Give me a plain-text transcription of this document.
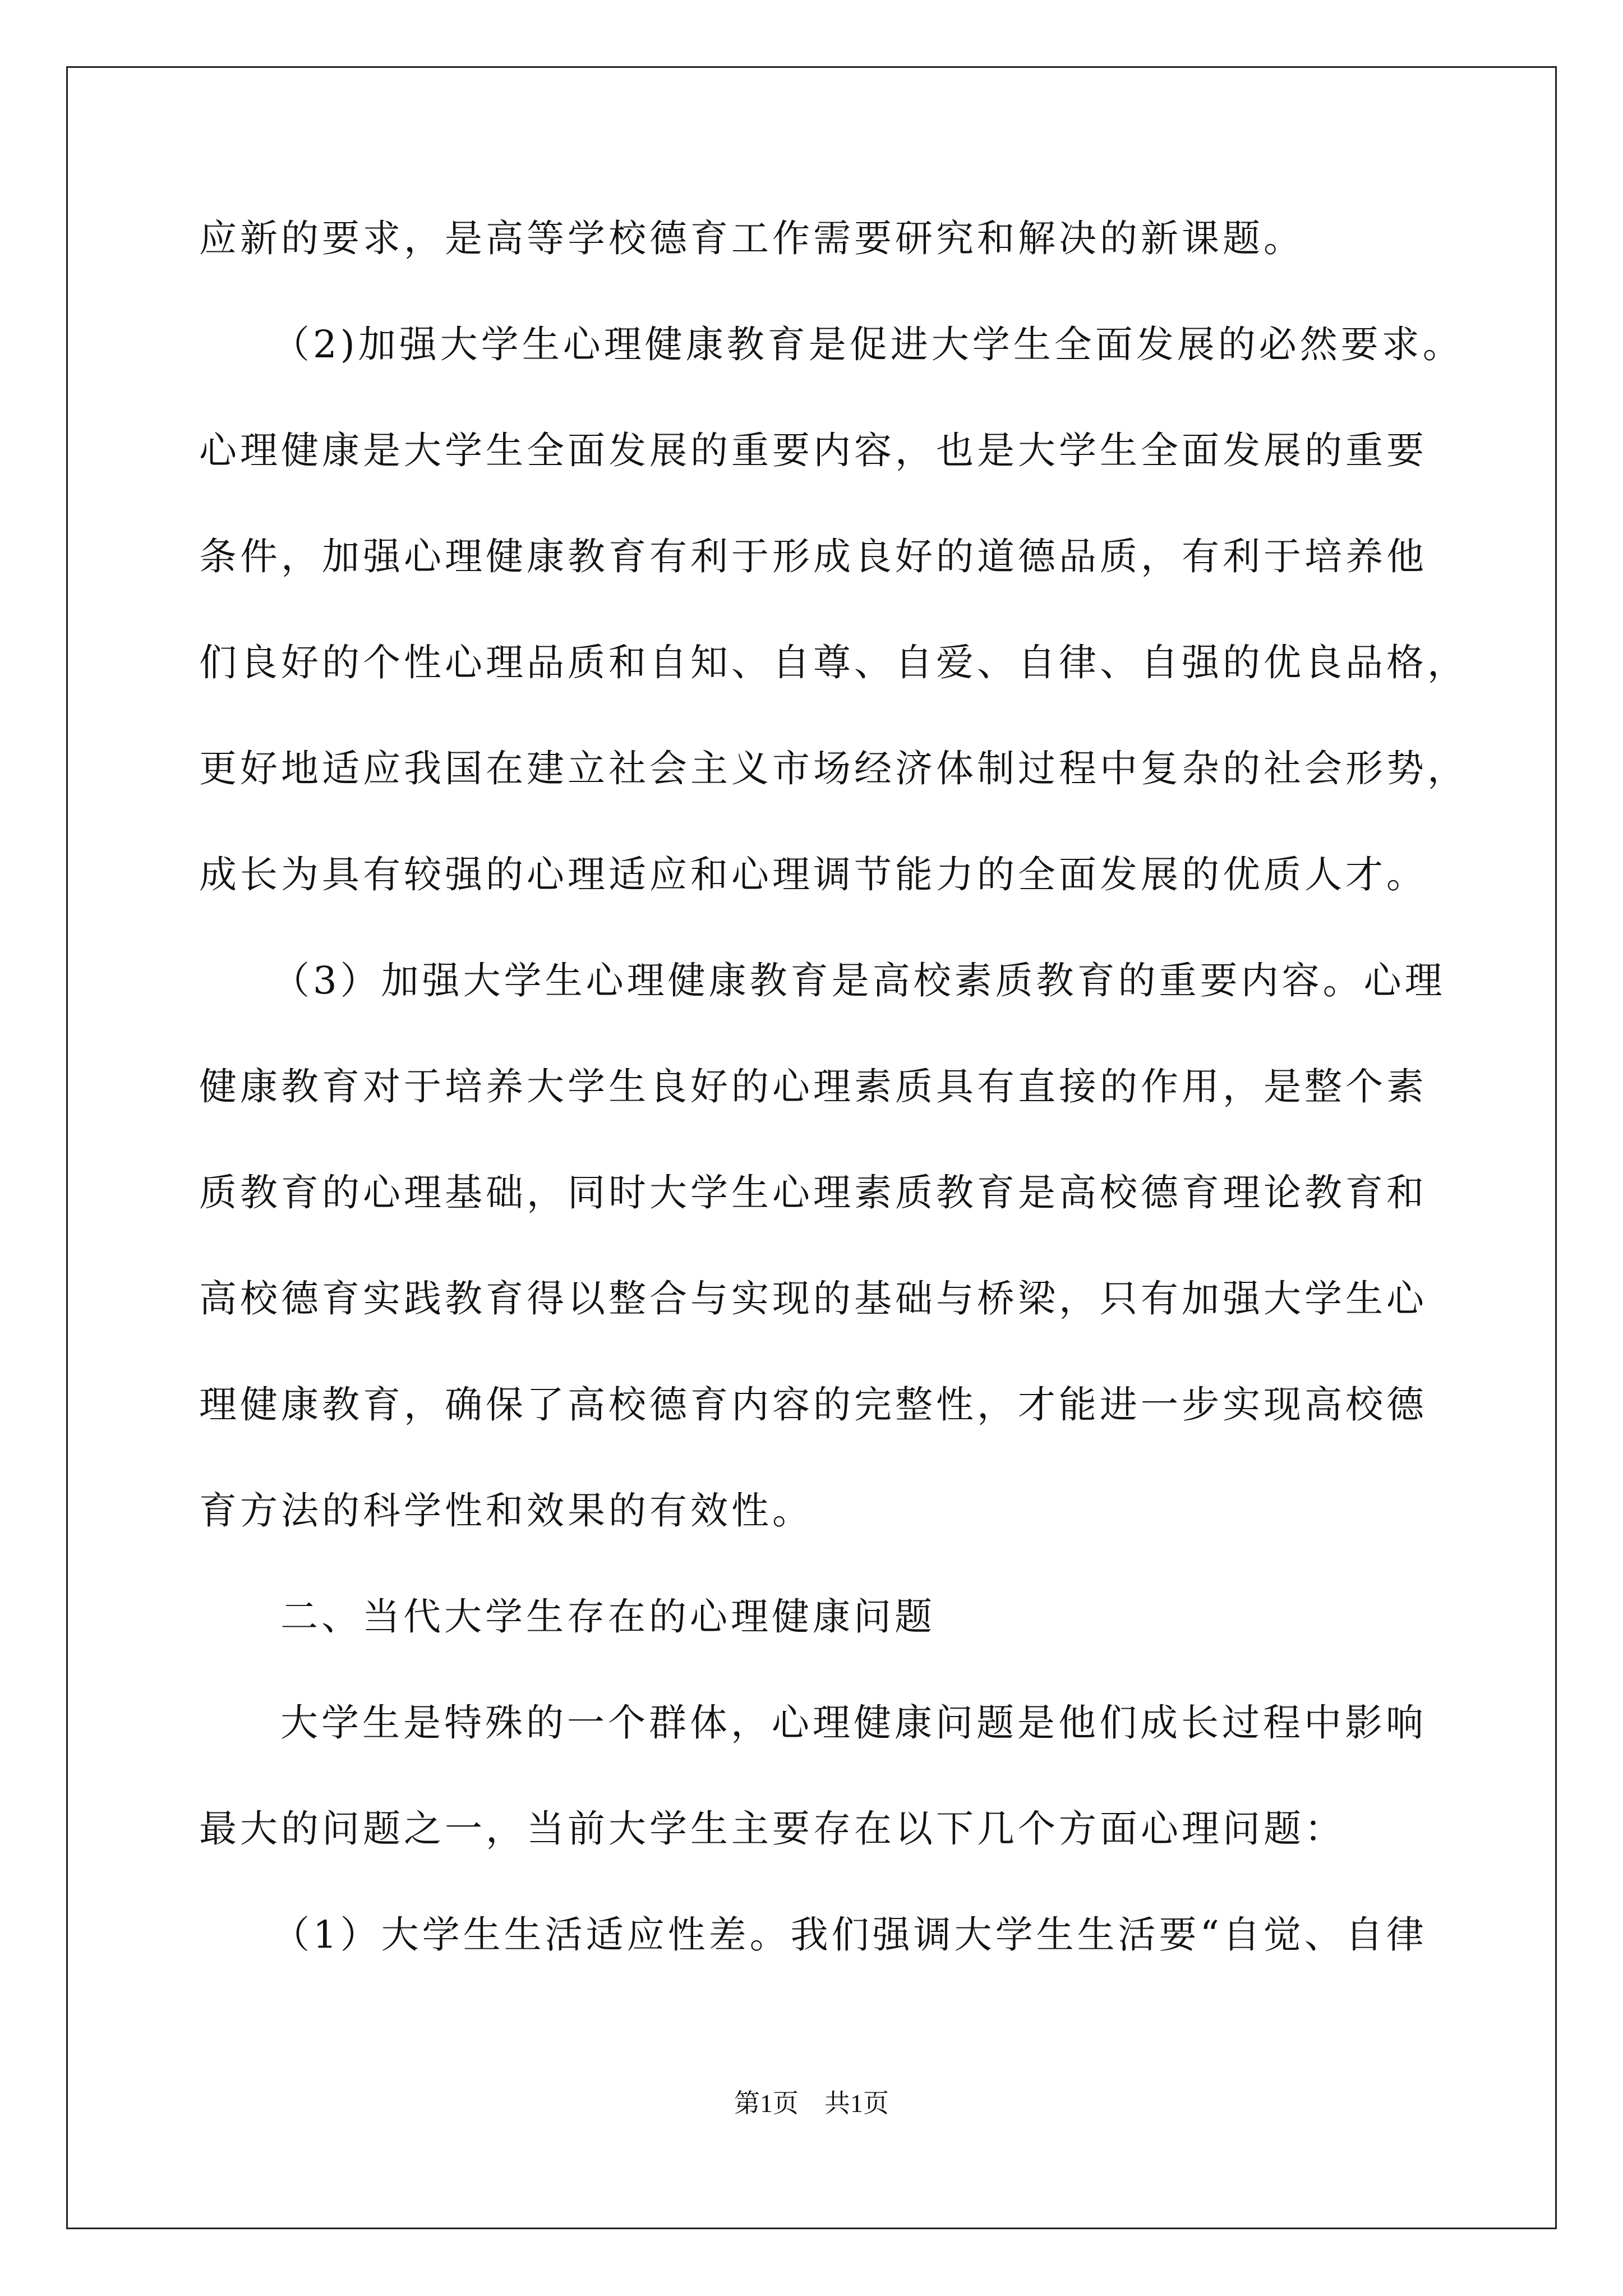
应新的要求，是高等学校德育工作需要研究和解决的新课题。
（2)加强大学生心理健康教育是促进大学生全面发展的必然要求。
心理健康是大学生全面发展的重要内容，也是大学生全面发展的重要
条件，加强心理健康教育有利于形成良好的道德品质，有利于培养他
们良好的个性心理品质和自知、自尊、自爱、自律、自强的优良品格，
更好地适应我国在建立社会主义市场经济体制过程中复杂的社会形势，
成长为具有较强的心理适应和心理调节能力的全面发展的优质人才。
（3）加强大学生心理健康教育是高校素质教育的重要内容。心理
健康教育对于培养大学生良好的心理素质具有直接的作用，是整个素
质教育的心理基础，同时大学生心理素质教育是高校德育理论教育和
高校德育实践教育得以整合与实现的基础与桥梁，只有加强大学生心
理健康教育，确保了高校德育内容的完整性，才能进一步实现高校德
育方法的科学性和效果的有效性。
二、当代大学生存在的心理健康问题
大学生是特殊的一个群体，心理健康问题是他们成长过程中影响
最大的问题之一，当前大学生主要存在以下几个方面心理问题：
（1）大学生生活适应性差。我们强调大学生生活要“自觉、自律
第1页　共1页
